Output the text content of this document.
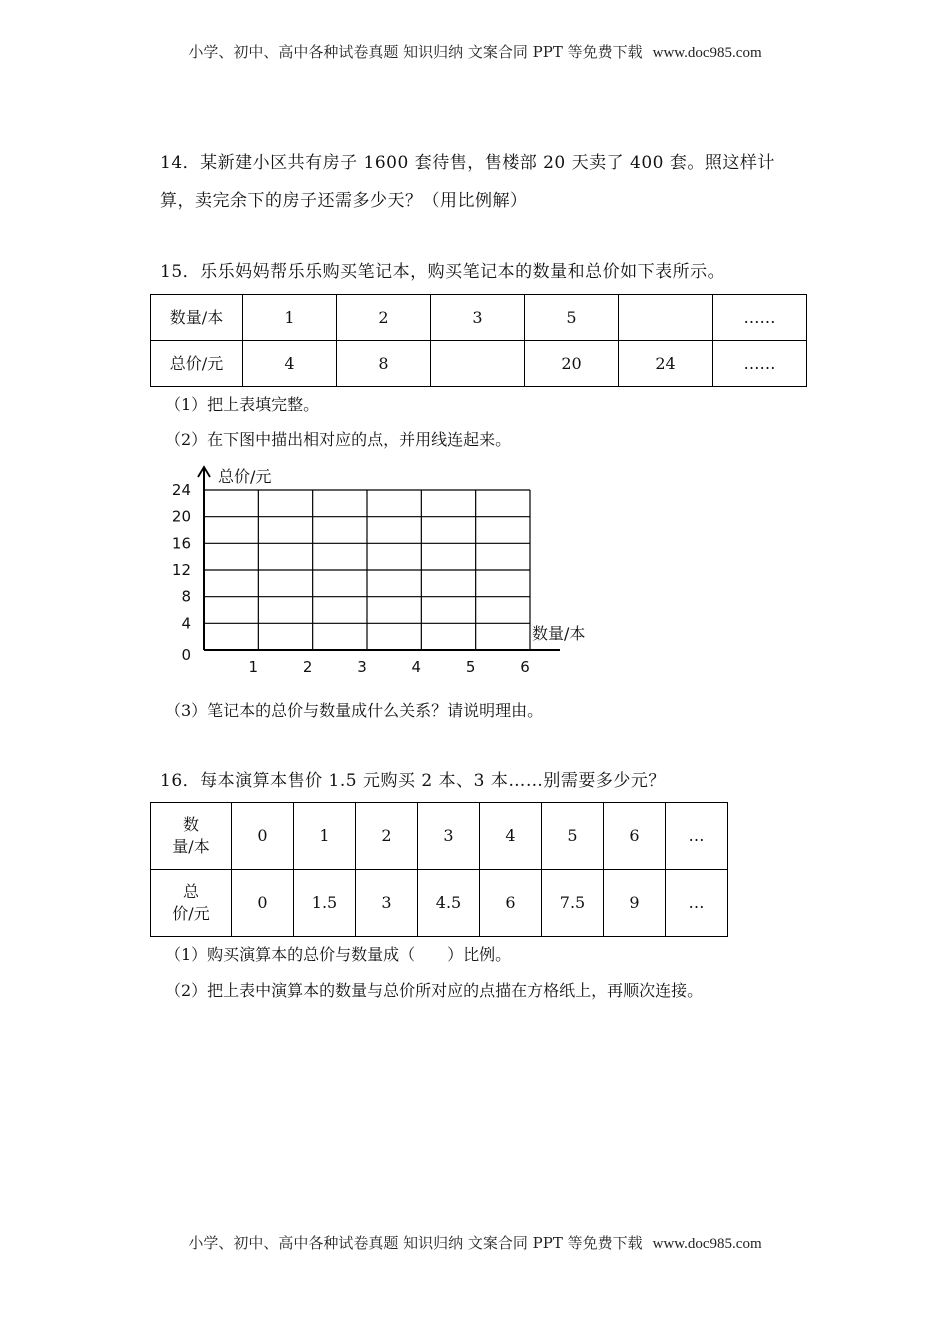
小学、初中、高中各种试卷真题 知识归纳 文案合同 PPT 等免费下载 www.doc985.com
14．某新建小区共有房子 1600 套待售，售楼部 20 天卖了 400 套。照这样计
算，卖完余下的房子还需多少天？（用比例解）
15．乐乐妈妈帮乐乐购买笔记本，购买笔记本的数量和总价如下表所示。
数量/本	1	2	3	5		……
总价/元	4	8		20	24	……
（1）把上表填完整。
（2）在下图中描出相对应的点，并用线连起来。
0
4
8
12
16
20
24
1	2	3	4	5	6
总价/元
数量/本
（3）笔记本的总价与数量成什么关系？请说明理由。
16．每本演算本售价 1.5 元购买 2 本、3 本……别需要多少元？
数
量/本	0	1	2	3	4	5	6	…
总
价/元	0	1.5	3	4.5	6	7.5	9	…
（1）购买演算本的总价与数量成（　　）比例。
（2）把上表中演算本的数量与总价所对应的点描在方格纸上，再顺次连接。
小学、初中、高中各种试卷真题 知识归纳 文案合同 PPT 等免费下载 www.doc985.com
